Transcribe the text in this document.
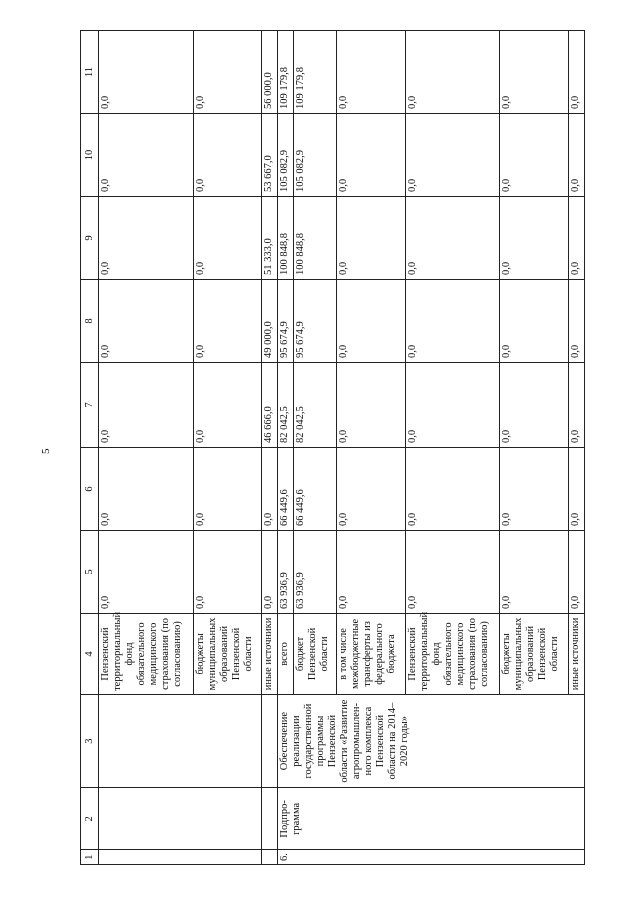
5
1	2	3	4	5	6	7	8	9	10	11
			Пензенский территориальный фонд обязательного медицинского страхования (по согласованию)	0,0	0,0	0,0	0,0	0,0	0,0	0,0
			бюджеты муниципальных образований Пензенской области	0,0	0,0	0,0	0,0	0,0	0,0	0,0
			иные источники	0,0	0,0	46 666,0	49 000,0	51 333,0	53 667,0	56 000,0
6.	Подпро-грамма	Обеспечение реализации государственной программы Пензенской области «Развитие агропромышлен-ного комплекса Пензенской области на 2014–2020 годы»	всего	63 936,9	66 449,6	82 042,5	95 674,9	100 848,8	105 082,9	109 179,8
			бюджет Пензенской области	63 936,9	66 449,6	82 042,5	95 674,9	100 848,8	105 082,9	109 179,8
			в том числе межбюджетные трансферты из федерального бюджета	0,0	0,0	0,0	0,0	0,0	0,0	0,0
			Пензенский территориальный фонд обязательного медицинского страхования (по согласованию)	0,0	0,0	0,0	0,0	0,0	0,0	0,0
			бюджеты муниципальных образований Пензенской области	0,0	0,0	0,0	0,0	0,0	0,0	0,0
			иные источники	0,0	0,0	0,0	0,0	0,0	0,0	0,0
